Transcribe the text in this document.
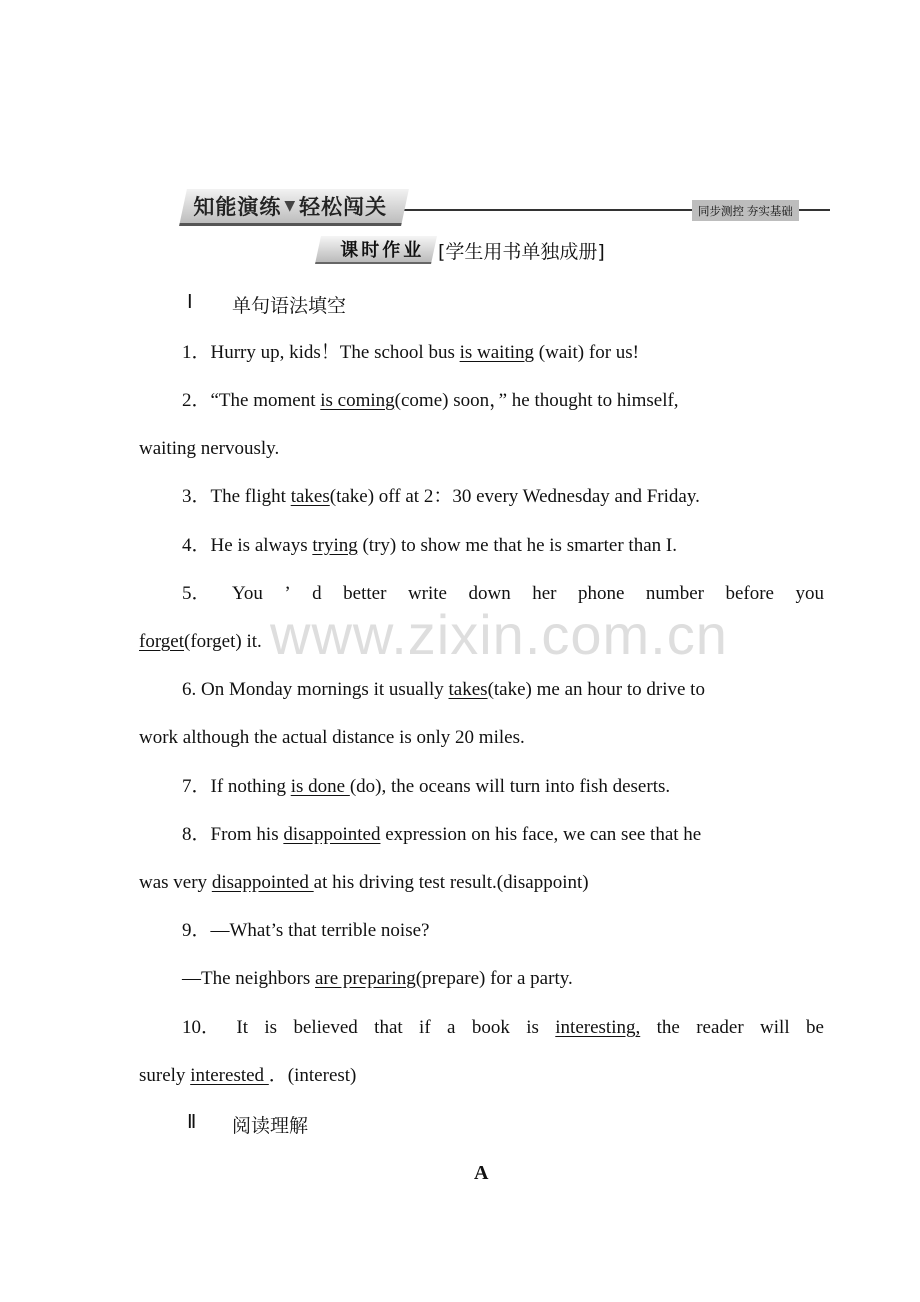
知能演练 ▼ 轻松闯关	同步测控 夯实基础
课时作业 [学生用书单独成册]
Ⅰ	单句语法填空
www.zixin.com.cn
1．Hurry up, kids！The school bus is waiting (wait) for us!
2．“The moment is coming(come) soon，” he thought to himself,
waiting nervously.
3．The flight takes(take) off at 2：30 every Wednesday and Friday.
4．He is always trying (try) to show me that he is smarter than I.
5． You ’ d better write down her phone number before you
forget(forget) it.
6. On Monday mornings it usually takes(take) me an hour to drive to
work although the actual distance is only 20 miles.
7．If nothing is done (do), the oceans will turn into fish deserts.
8．From his disappointed expression on his face, we can see that he
was very disappointed at his driving test result.(disappoint)
9．—What’s that terrible noise?
—The neighbors are preparing(prepare) for a party.
10． It is believed that if a book is interesting, the reader will be
surely interested ．(interest)
Ⅱ	阅读理解
A
